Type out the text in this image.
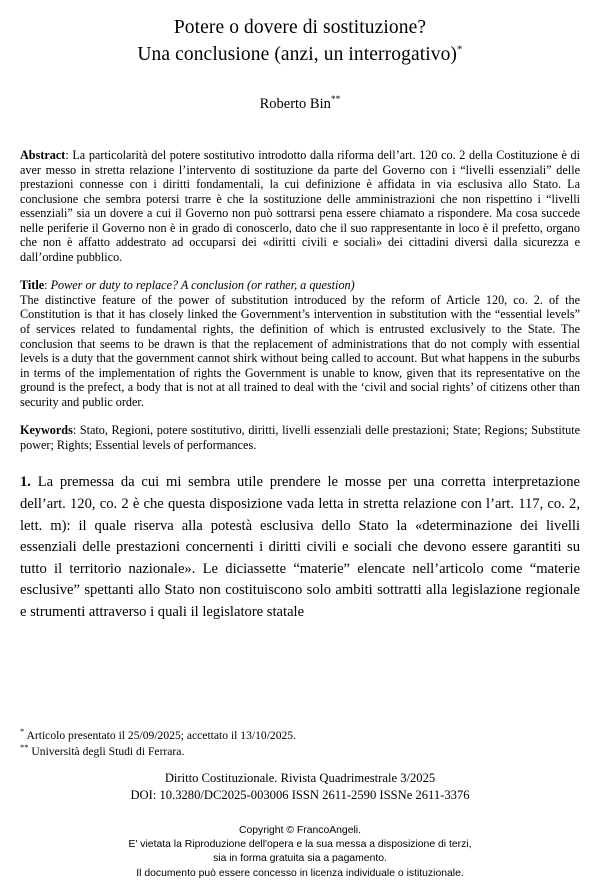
Potere o dovere di sostituzione?
Una conclusione (anzi, un interrogativo)*
Roberto Bin**

Abstract: La particolarità del potere sostitutivo introdotto dalla riforma dell’art. 120 co. 2 della Costituzione è di aver messo in stretta relazione l’intervento di sostituzione da parte del Governo con i “livelli essenziali” delle prestazioni connesse con i diritti fondamentali, la cui definizione è affidata in via esclusiva allo Stato. La conclusione che sembra potersi trarre è che la sostituzione delle amministrazioni che non rispettino i “livelli essenziali” sia un dovere a cui il Governo non può sottrarsi pena essere chiamato a rispondere. Ma cosa succede nelle periferie il Governo non è in grado di conoscerlo, dato che il suo rappresentante in loco è il prefetto, organo che non è affatto addestrato ad occuparsi dei «diritti civili e sociali» dei cittadini diversi dalla sicurezza e dall’ordine pubblico.

Title: Power or duty to replace? A conclusion (or rather, a question)

The distinctive feature of the power of substitution introduced by the reform of Article 120, co. 2. of the Constitution is that it has closely linked the Government’s intervention in substitution with the “essential levels” of services related to fundamental rights, the definition of which is entrusted exclusively to the State. The conclusion that seems to be drawn is that the replacement of administrations that do not comply with essential levels is a duty that the government cannot shirk without being called to account. But what happens in the suburbs in terms of the implementation of rights the Government is unable to know, given that its representative on the ground is the prefect, a body that is not at all trained to deal with the ‘civil and social rights’ of citizens other than security and public order.

Keywords: Stato, Regioni, potere sostitutivo, diritti, livelli essenziali delle prestazioni; State; Regions; Substitute power; Rights; Essential levels of performances.

1. La premessa da cui mi sembra utile prendere le mosse per una corretta interpretazione dell’art. 120, co. 2 è che questa disposizione vada letta in stretta relazione con l’art. 117, co. 2, lett. m): il quale riserva alla potestà esclusiva dello Stato la «determinazione dei livelli essenziali delle prestazioni concernenti i diritti civili e sociali che devono essere garantiti su tutto il territorio nazionale». Le diciassette “materie” elencate nell’articolo come “materie esclusive” spettanti allo Stato non costituiscono solo ambiti sottratti alla legislazione regionale e strumenti attraverso i quali il legislatore statale

* Articolo presentato il 25/09/2025; accettato il 13/10/2025.

** Università degli Studi di Ferrara.

Diritto Costituzionale. Rivista Quadrimestrale 3/2025

DOI: 10.3280/DC2025-003006 ISSN 2611-2590 ISSNe 2611-3376

Copyright © FrancoAngeli.

E' vietata la Riproduzione dell'opera e la sua messa a disposizione di terzi,

sia in forma gratuita sia a pagamento.

Il documento può essere concesso in licenza individuale o istituzionale.
